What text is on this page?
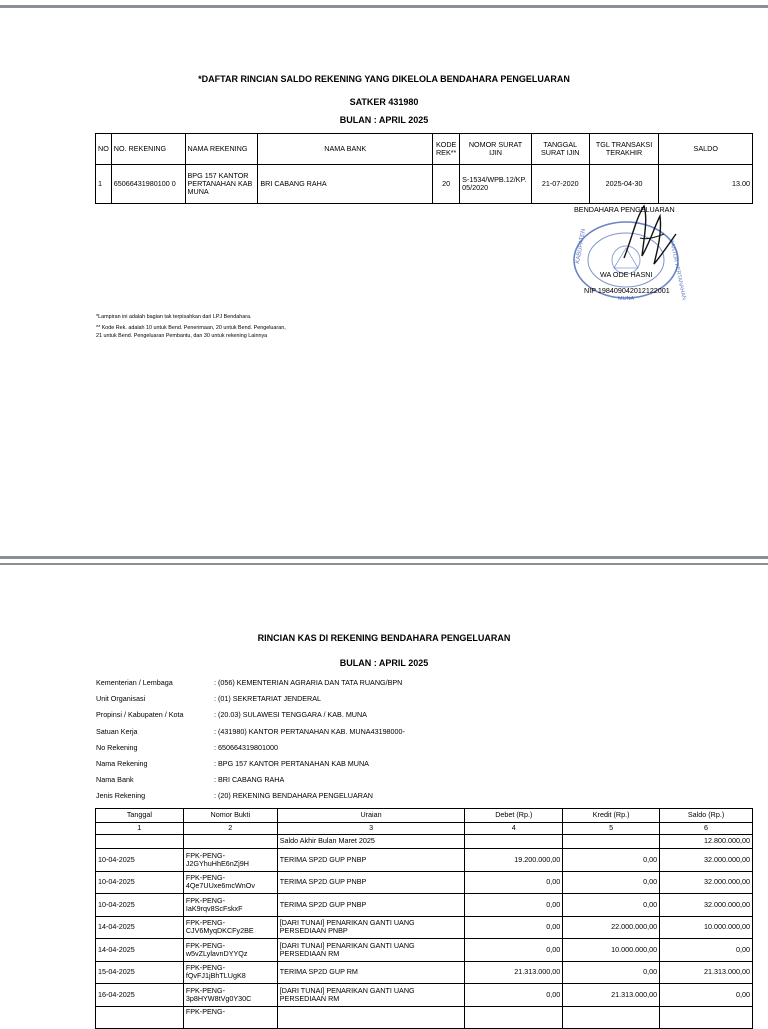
*DAFTAR RINCIAN SALDO REKENING YANG DIKELOLA BENDAHARA PENGELUARAN
SATKER 431980
BULAN : APRIL 2025
NO	NO. REKENING	NAMA REKENING	NAMA BANK	KODE REK**	NOMOR SURAT IJIN	TANGGAL SURAT IJIN	TGL TRANSAKSI TERAKHIR	SALDO
1	65066431980100 0	BPG 157 KANTOR PERTANAHAN KAB MUNA	BRI CABANG RAHA	20	S-1534/WPB.12/KP.05/2020	21-07-2020	2025-04-30	13.00
KABUPATEN	KANTOR PERTANAHAN
MUNA
BENDAHARA PENGELUARAN
WA ODE HASNI
NIP 198409042012122001
*Lampiran ini adalah bagian tak terpisahkan dari LPJ Bendahara.
** Kode Rek. adalah 10 untuk Bend. Penerimaan, 20 untuk Bend. Pengeluaran,
21 untuk Bend. Pengeluaran Pembantu, dan 30 untuk rekening Lainnya
RINCIAN KAS DI REKENING BENDAHARA PENGELUARAN
BULAN : APRIL 2025
Kementerian / Lembaga	: (056) KEMENTERIAN AGRARIA DAN TATA RUANG/BPN
Unit Organisasi	: (01) SEKRETARIAT JENDERAL
Propinsi / Kabupaten / Kota	: (20.03) SULAWESI TENGGARA / KAB. MUNA
Satuan Kerja	: (431980) KANTOR PERTANAHAN KAB. MUNA43198000-
No Rekening	: 650664319801000
Nama Rekening	: BPG 157 KANTOR PERTANAHAN KAB MUNA
Nama Bank	: BRI CABANG RAHA
Jenis Rekening	: (20) REKENING BENDAHARA PENGELUARAN
Tanggal	Nomor Bukti	Uraian	Debet (Rp.)	Kredit (Rp.)	Saldo (Rp.)
1	2	3	4	5	6
		Saldo Akhir Bulan Maret 2025			12.800.000,00
10-04-2025	FPK-PENG-J2GYhuHhE6nZj9H	TERIMA SP2D GUP PNBP	19.200.000,00	0,00	32.000.000,00
10-04-2025	FPK-PENG-4Qe7UUxe6mcWnOv	TERIMA SP2D GUP PNBP	0,00	0,00	32.000.000,00
10-04-2025	FPK-PENG-IaK9rqv8ScFskxF	TERIMA SP2D GUP PNBP	0,00	0,00	32.000.000,00
14-04-2025	FPK-PENG-CJV6MyqDKCFy2BE	[DARI TUNAI] PENARIKAN GANTI UANG PERSEDIAAN PNBP	0,00	22.000.000,00	10.000.000,00
14-04-2025	FPK-PENG-w5vZLylavnDYYQz	[DARI TUNAI] PENARIKAN GANTI UANG PERSEDIAAN RM	0,00	10.000.000,00	0,00
15-04-2025	FPK-PENG-fQvFJ1jBhTLUgK8	TERIMA SP2D GUP RM	21.313.000,00	0,00	21.313.000,00
16-04-2025	FPK-PENG-3p8HYW8tVg0Y30C	[DARI TUNAI] PENARIKAN GANTI UANG PERSEDIAAN RM	0,00	21.313.000,00	0,00
	FPK-PENG-				
